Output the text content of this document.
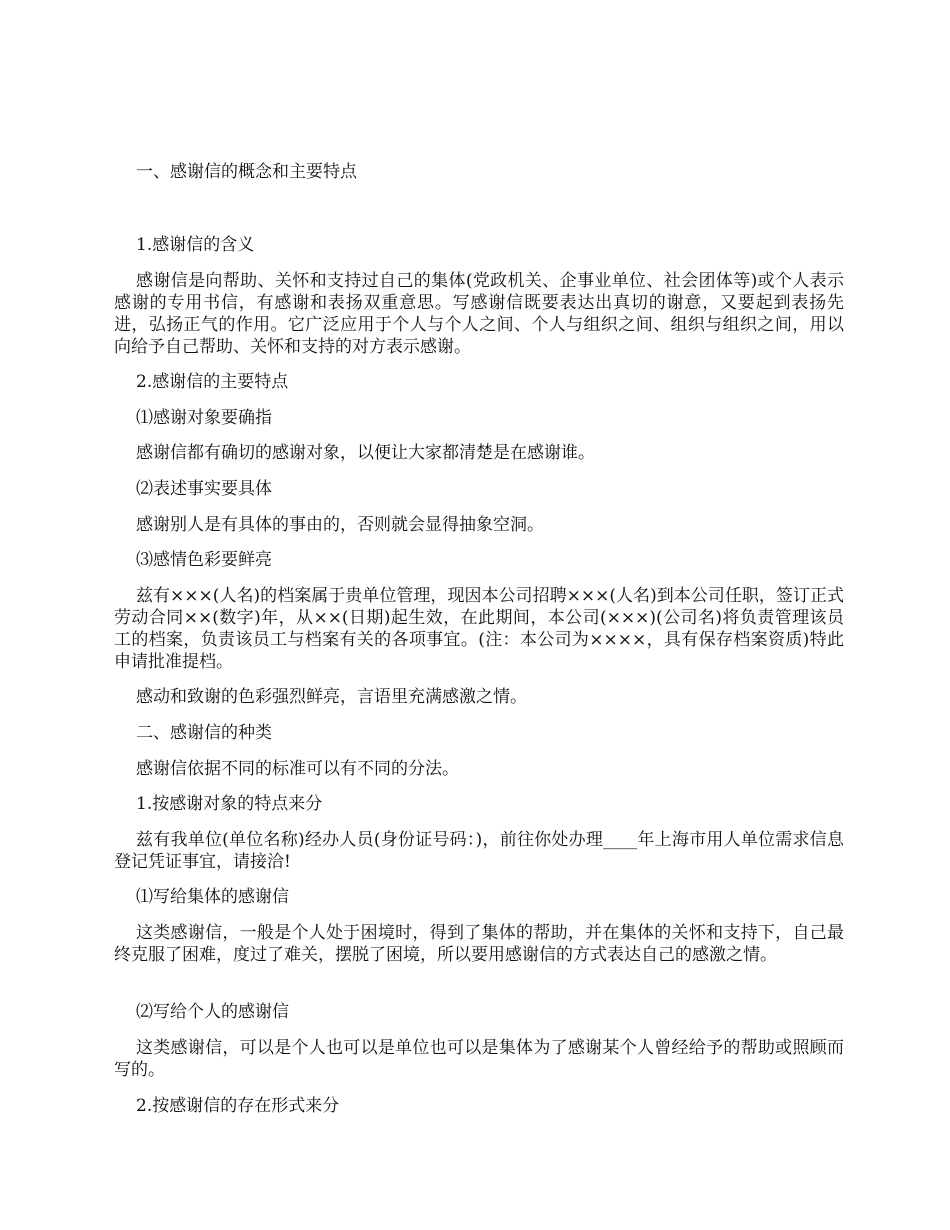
一、感谢信的概念和主要特点

1.感谢信的含义

感谢信是向帮助、关怀和支持过自己的集体(党政机关、企事业单位、社会团体等)或个人表示感谢的专用书信，有感谢和表扬双重意思。写感谢信既要表达出真切的谢意，又要起到表扬先进，弘扬正气的作用。它广泛应用于个人与个人之间、个人与组织之间、组织与组织之间，用以向给予自己帮助、关怀和支持的对方表示感谢。

2.感谢信的主要特点

⑴感谢对象要确指

感谢信都有确切的感谢对象，以便让大家都清楚是在感谢谁。

⑵表述事实要具体

感谢别人是有具体的事由的，否则就会显得抽象空洞。

⑶感情色彩要鲜亮

兹有×××(人名)的档案属于贵单位管理，现因本公司招聘×××(人名)到本公司任职，签订正式劳动合同××(数字)年，从××(日期)起生效，在此期间，本公司(×××)(公司名)将负责管理该员工的档案，负责该员工与档案有关的各项事宜。(注：本公司为××××，具有保存档案资质)特此申请批准提档。

感动和致谢的色彩强烈鲜亮，言语里充满感激之情。

二、感谢信的种类

感谢信依据不同的标准可以有不同的分法。

1.按感谢对象的特点来分

兹有我单位(单位名称)经办人员(身份证号码：)，前往你处办理____年上海市用人单位需求信息登记凭证事宜，请接洽!

⑴写给集体的感谢信

这类感谢信，一般是个人处于困境时，得到了集体的帮助，并在集体的关怀和支持下，自己最终克服了困难，度过了难关，摆脱了困境，所以要用感谢信的方式表达自己的感激之情。

⑵写给个人的感谢信

这类感谢信，可以是个人也可以是单位也可以是集体为了感谢某个人曾经给予的帮助或照顾而写的。

2.按感谢信的存在形式来分
